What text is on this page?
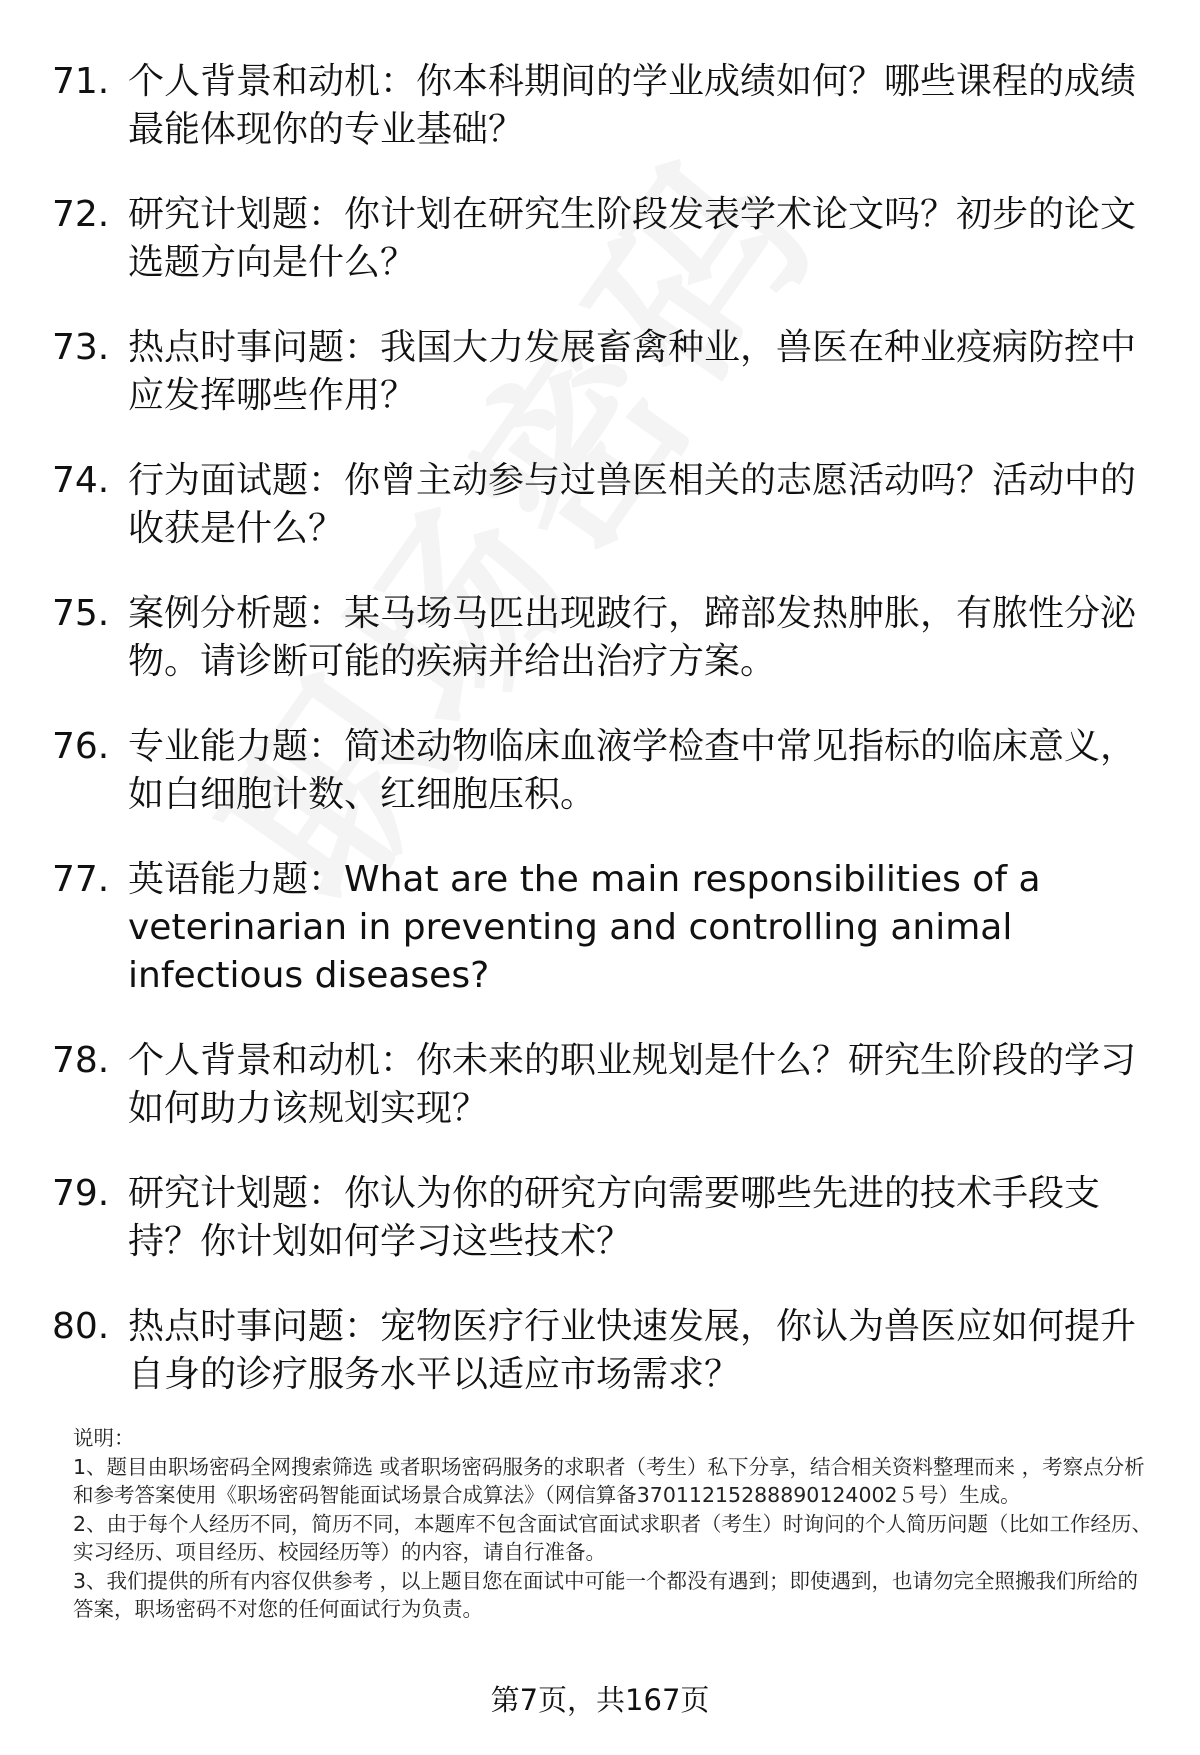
71. 个人背景和动机：你本科期间的学业成绩如何？哪些课程的成绩最能体现你的专业基础？
72. 研究计划题：你计划在研究生阶段发表学术论文吗？初步的论文选题方向是什么？
73. 热点时事问题：我国大力发展畜禽种业，兽医在种业疫病防控中应发挥哪些作用？
74. 行为面试题：你曾主动参与过兽医相关的志愿活动吗？活动中的收获是什么？
75. 案例分析题：某马场马匹出现跛行，蹄部发热肿胀，有脓性分泌物。请诊断可能的疾病并给出治疗方案。
76. 专业能力题：简述动物临床血液学检查中常见指标的临床意义，如白细胞计数、红细胞压积。
77. 英语能力题：What are the main responsibilities of a veterinarian in preventing and controlling animal infectious diseases?
78. 个人背景和动机：你未来的职业规划是什么？研究生阶段的学习如何助力该规划实现？
79. 研究计划题：你认为你的研究方向需要哪些先进的技术手段支持？你计划如何学习这些技术？
80. 热点时事问题：宠物医疗行业快速发展，你认为兽医应如何提升自身的诊疗服务水平以适应市场需求？

说明：

1、题目由职场密码全网搜索筛选 或者职场密码服务的求职者（考生）私下分享，结合相关资料整理而来 ，考察点分析和参考答案使用《职场密码智能面试场景合成算法》（网信算备37011215288890124002５号）生成。

2、由于每个人经历不同，简历不同，本题库不包含面试官面试求职者（考生）时询问的个人简历问题（比如工作经历、实习经历、项目经历、校园经历等）的内容，请自行准备。

3、我们提供的所有内容仅供参考 ，以上题目您在面试中可能一个都没有遇到；即使遇到，也请勿完全照搬我们所给的答案，职场密码不对您的任何面试行为负责。

第7页，共167页
